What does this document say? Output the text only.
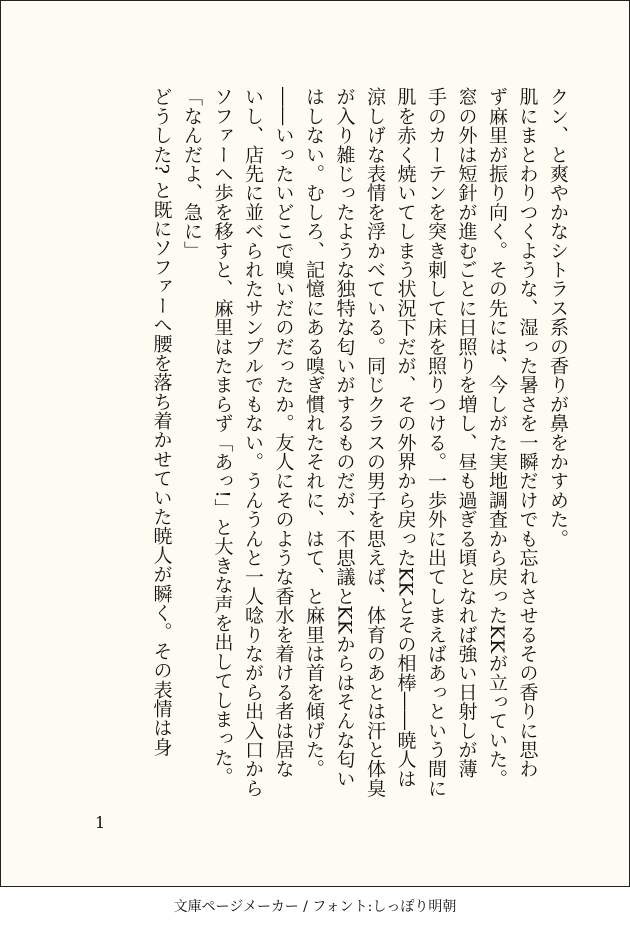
クン、と爽やかなシトラス系の香りが鼻をかすめた。
肌にまとわりつくような、湿った暑さを一瞬だけでも忘れさせるその香りに思わ
ず麻里が振り向く。その先には、今しがた実地調査から戻ったKKが立っていた。
窓の外は短針が進むごとに日照りを増し、昼も過ぎる頃となれば強い日射しが薄
手のカーテンを突き刺して床を照りつける。一歩外に出てしまえばあっという間に
肌を赤く焼いてしまう状況下だが、その外界から戻ったKKとその相棒――暁人は
涼しげな表情を浮かべている。同じクラスの男子を思えば、体育のあとは汗と体臭
が入り雑じったような独特な匂いがするものだが、不思議とKKからはそんな匂い
はしない。むしろ、記憶にある嗅ぎ慣れたそれに、はて、と麻里は首を傾げた。
――いったいどこで嗅いだのだったか。友人にそのような香水を着ける者は居な
いし、店先に並べられたサンプルでもない。うんうんと一人唸りながら出入口から
ソファーへ歩を移すと、麻里はたまらず「あっ!」と大きな声を出してしまった。
「なんだよ、急に」
どうした? と既にソファーへ腰を落ち着かせていた暁人が瞬く。その表情は身
1
文庫ページメーカー / フォント:しっぽり明朝
